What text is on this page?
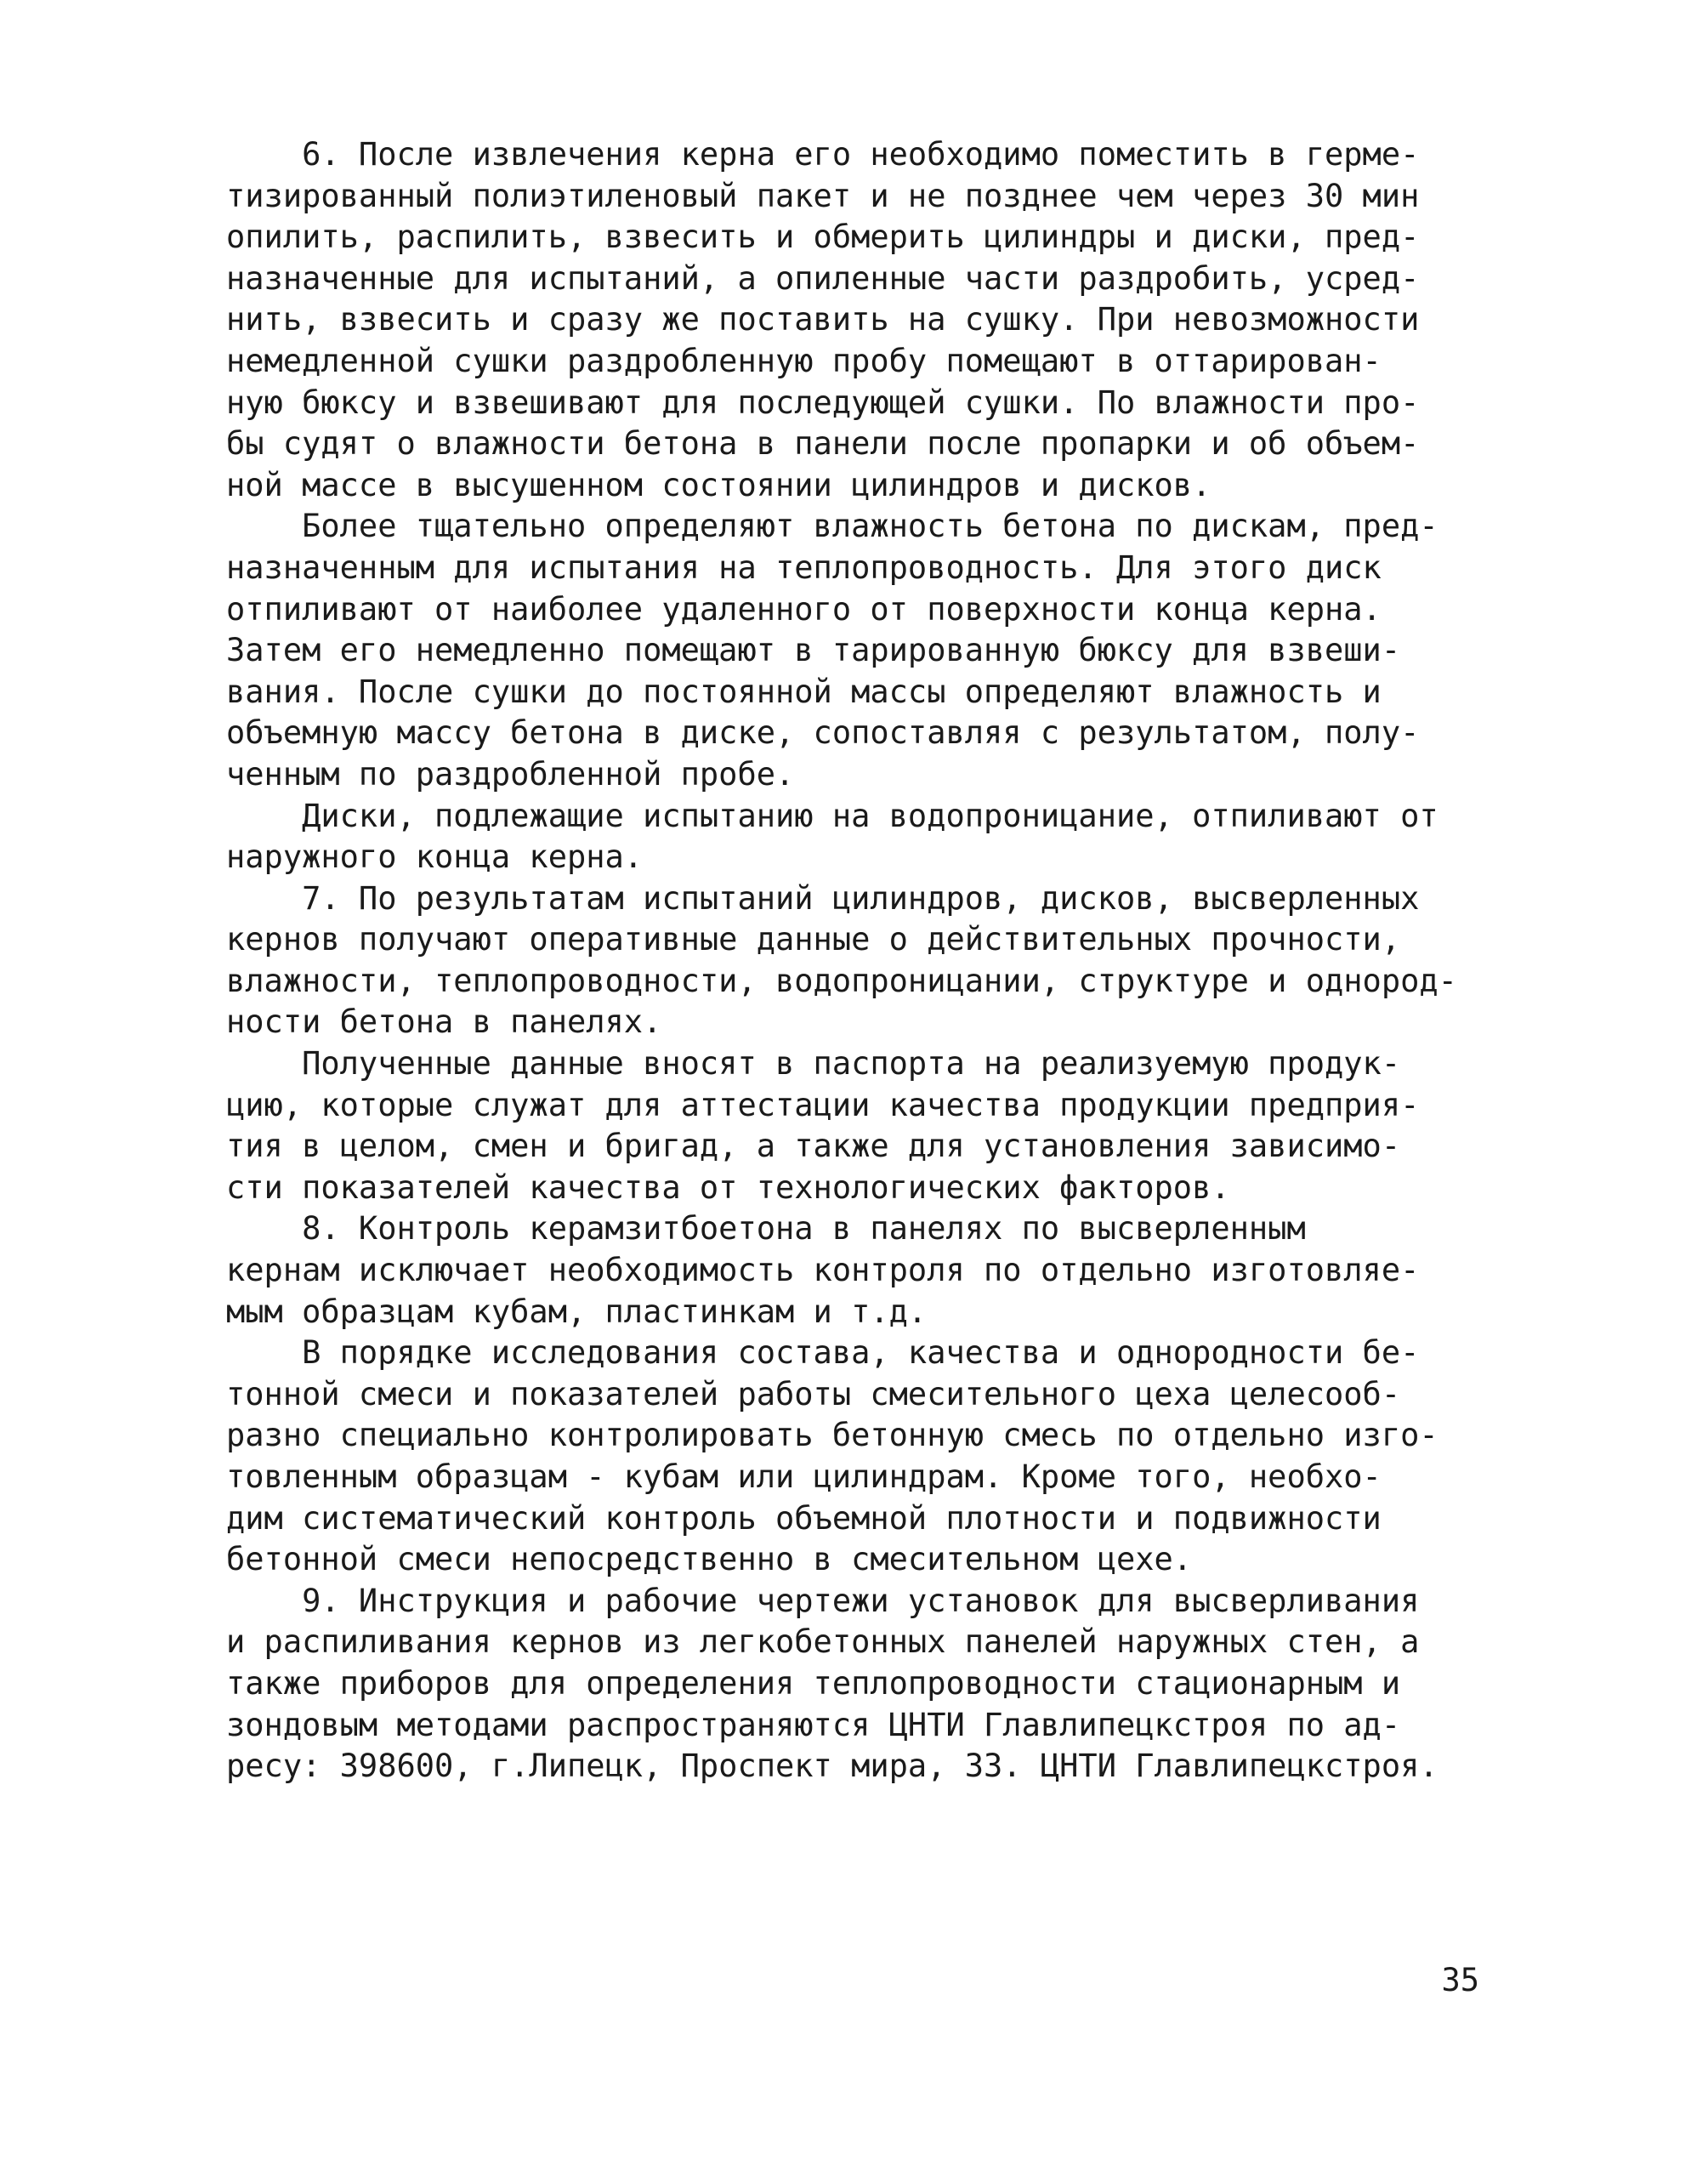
6. После извлечения керна его необходимо поместить в герме-
тизированный полиэтиленовый пакет и не позднее чем через 30 мин
опилить, распилить, взвесить и обмерить цилиндры и диски, пред-
назначенные для испытаний, а опиленные части раздробить, усред-
нить, взвесить и сразу же поставить на сушку. При невозможности
немедленной сушки раздробленную пробу помещают в оттарирован-
ную бюксу и взвешивают для последующей сушки. По влажности про-
бы судят о влажности бетона в панели после пропарки и об объем-
ной массе в высушенном состоянии цилиндров и дисков.
Более тщательно определяют влажность бетона по дискам, пред-
назначенным для испытания на теплопроводность. Для этого диск
отпиливают от наиболее удаленного от поверхности конца керна.
Затем его немедленно помещают в тарированную бюксу для взвеши-
вания. После сушки до постоянной массы определяют влажность и
объемную массу бетона в диске, сопоставляя с результатом, полу-
ченным по раздробленной пробе.
Диски, подлежащие испытанию на водопроницание, отпиливают от
наружного конца керна.
7. По результатам испытаний цилиндров, дисков, высверленных
кернов получают оперативные данные о действительных прочности,
влажности, теплопроводности, водопроницании, структуре и однород-
ности бетона в панелях.
Полученные данные вносят в паспорта на реализуемую продук-
цию, которые служат для аттестации качества продукции предприя-
тия в целом, смен и бригад, а также для установления зависимо-
сти показателей качества от технологических факторов.
8. Контроль керамзитбоетона в панелях по высверленным
кернам исключает необходимость контроля по отдельно изготовляе-
мым образцам кубам, пластинкам и т.д.
В порядке исследования состава, качества и однородности бе-
тонной смеси и показателей работы смесительного цеха целесооб-
разно специально контролировать бетонную смесь по отдельно изго-
товленным образцам - кубам или цилиндрам. Кроме того, необхо-
дим систематический контроль объемной плотности и подвижности
бетонной смеси непосредственно в смесительном цехе.
9. Инструкция и рабочие чертежи установок для высверливания
и распиливания кернов из легкобетонных панелей наружных стен, а
также приборов для определения теплопроводности стационарным и
зондовым методами распространяются ЦНТИ Главлипецкстроя по ад-
ресу: 398600, г.Липецк, Проспект мира, 33. ЦНТИ Главлипецкстроя.
35
